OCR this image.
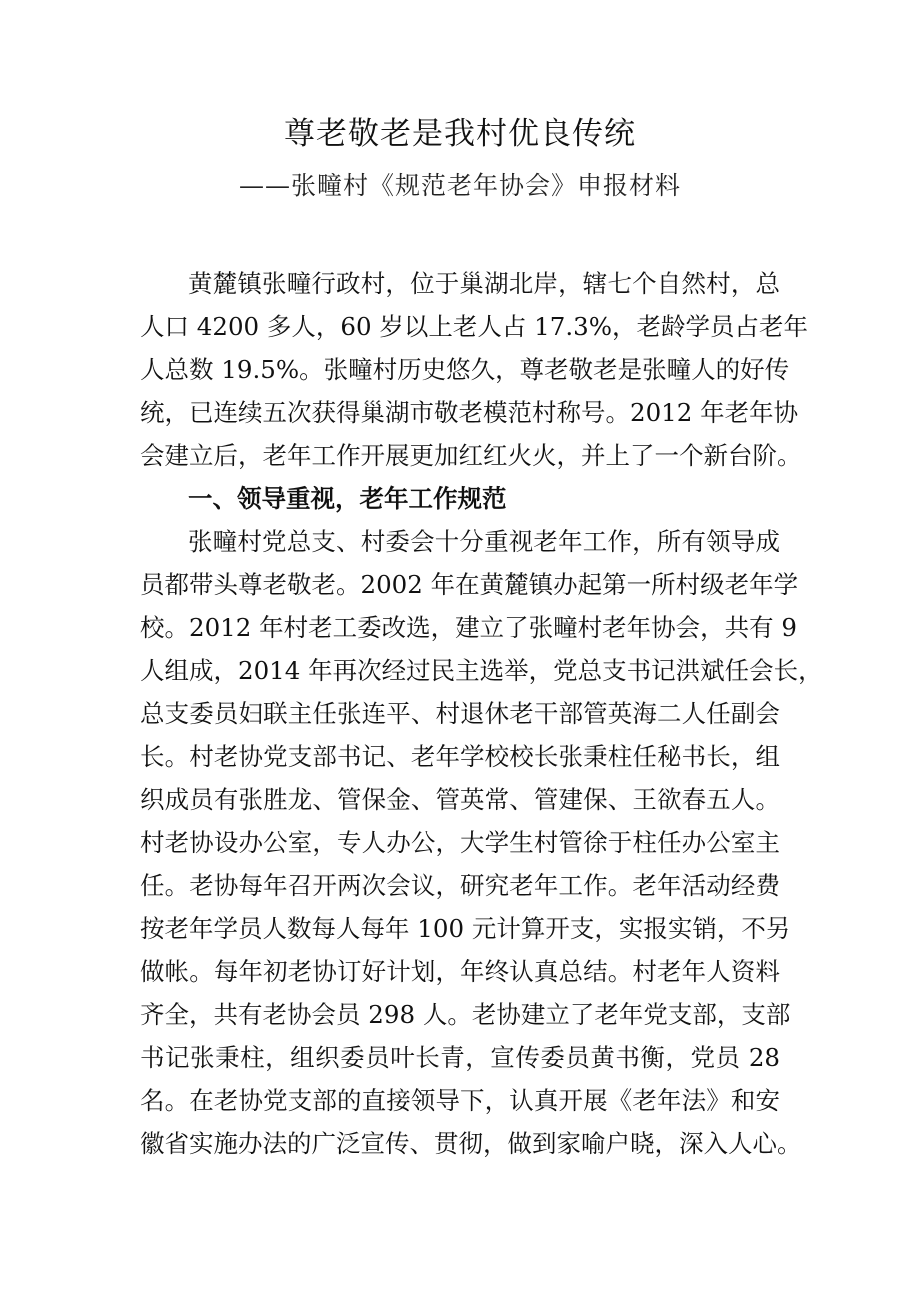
尊老敬老是我村优良传统
——张疃村《规范老年协会》申报材料
黄麓镇张疃行政村，位于巢湖北岸，辖七个自然村，总
人口 4200 多人，60 岁以上老人占 17.3%，老龄学员占老年
人总数 19.5%。张疃村历史悠久，尊老敬老是张疃人的好传
统，已连续五次获得巢湖市敬老模范村称号。2012 年老年协
会建立后，老年工作开展更加红红火火，并上了一个新台阶。
一、领导重视，老年工作规范
张疃村党总支、村委会十分重视老年工作，所有领导成
员都带头尊老敬老。2002 年在黄麓镇办起第一所村级老年学
校。2012 年村老工委改选，建立了张疃村老年协会，共有 9
人组成，2014 年再次经过民主选举，党总支书记洪斌任会长，
总支委员妇联主任张连平、村退休老干部管英海二人任副会
长。村老协党支部书记、老年学校校长张秉柱任秘书长，组
织成员有张胜龙、管保金、管英常、管建保、王欲春五人。
村老协设办公室，专人办公，大学生村管徐于柱任办公室主
任。老协每年召开两次会议，研究老年工作。老年活动经费
按老年学员人数每人每年 100 元计算开支，实报实销，不另
做帐。每年初老协订好计划，年终认真总结。村老年人资料
齐全，共有老协会员 298 人。老协建立了老年党支部，支部
书记张秉柱，组织委员叶长青，宣传委员黄书衡，党员 28
名。在老协党支部的直接领导下，认真开展《老年法》和安
徽省实施办法的广泛宣传、贯彻，做到家喻户晓，深入人心。
